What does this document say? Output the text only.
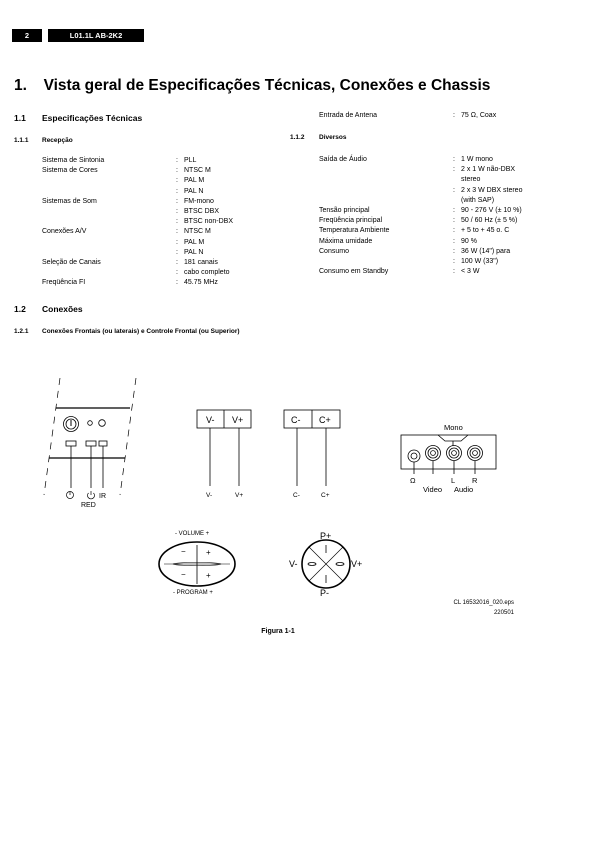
2	L01.1L AB-2K2
1. Vista geral de Especificações Técnicas, Conexões e Chassis
1.1 Especificações Técnicas
1.1.1 Recepção
Sistema de Sintonia	: PLL
Sistema de Cores	: NTSC M
: PAL M
: PAL N
Sistemas de Som	: FM-mono
: BTSC DBX
: BTSC non-DBX
Conexões A/V	: NTSC M
: PAL M
: PAL N
Seleção de Canais	: 181 canais
: cabo completo
Freqüência FI	: 45.75 MHz
Entrada de Antena	: 75 Ω, Coax
1.1.2 Diversos
Saída de Áudio	: 1 W mono
: 2 x 1 W não-DBX
stereo
: 2 x 3 W DBX stereo
(with SAP)
Tensão principal	: 90 - 276 V (± 10 %)
Freqüência principal	: 50 / 60 Hz (± 5 %)
Temperatura Ambiente	: + 5 to + 45 o. C
Máxima umidade	: 90 %
Consumo	: 36 W (14") para
: 100 W (33")
Consumo em Standby	: < 3 W
1.2 Conexões
1.2.1 Conexões Frontais (ou laterais) e Controle Frontal (ou Superior)
IR
RED
V- V+
V-	V+
C- C+
C-	C+
Mono
Ω	L R
Video Audio
- VOLUME +
−	+
−	+
- PROGRAM +
P+
P-
V-	V+
CL 16532016_020.eps
220501
Figura 1-1
